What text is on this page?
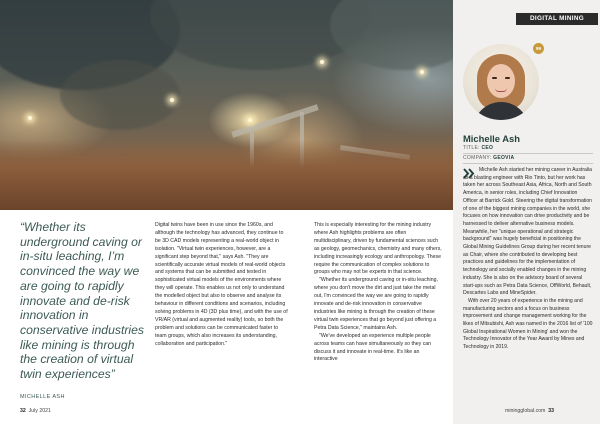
“Whether its underground caving or in-situ leaching, I’m convinced the way we are going to rapidly innovate and de-risk innovation in conservative industries like mining is through the creation of virtual twin experiences”
MICHELLE ASH

Digital twins have been in use since the 1960s, and although the technology has advanced, they continue to be 3D CAD models representing a real-world object in isolation. "Virtual twin experiences, however, are a significant step beyond that," says Ash. "They are scientifically accurate virtual models of real-world objects and systems that can be submitted and tested in sophisticated virtual models of the environments where they will operate. This enables us not only to understand the modelled object but also to observe and analyse its behaviour in different conditions and scenarios, including solving problems in 4D (3D plus time), and with the use of VR/AR (virtual and augmented reality) tools, so both the problem and solutions can be communicated faster to team groups, which also increases its understanding, collaboration and participation."

This is especially interesting for the mining industry where Ash highlights problems are often multidisciplinary, driven by fundamental sciences such as geology, geomechanics, chemistry and many others, including increasingly ecology and anthropology. These require the communication of complex solutions to groups who may not be experts in that science.

"Whether its underground caving or in-situ leaching, where you don't move the dirt and just take the metal out, I'm convinced the way we are going to rapidly innovate and de-risk innovation in conservative industries like mining is through the creation of these virtual twin experiences that go beyond just offering a Petra Data Science," maintains Ash.

"We've developed an experience multiple people across teams can have simultaneously so they can discuss it and innovate in real-time. It's like an interactive

DIGITAL MINING
99
Michelle Ash
TITLE: CEO
COMPANY: GEOVIA

Michelle Ash started her mining career in Australia as a blasting engineer with Rio Tinto, but her work has taken her across Southeast Asia, Africa, North and South America, in senior roles, including Chief Innovation Officer at Barrick Gold. Steering the digital transformation of one of the biggest mining companies in the world, she focuses on how innovation can drive productivity and be harnessed to deliver alternative business models. Meanwhile, her "unique operational and strategic background" was hugely beneficial in positioning the Global Mining Guidelines Group during her recent tenure as Chair, where she contributed to developing best practices and guidelines for the implementation of technology and socially enabled changes in the mining industry. She is also on the advisory board of several start-ups such as Petra Data Science, OffWorld, Behault, Descartes Labs and MineSpider.

With over 20 years of experience in the mining and manufacturing sectors and a focus on business improvement and change management working for the likes of Mitsubishi, Ash was named in the 2016 list of '100 Global Inspirational Women in Mining' and won the Technology Innovator of the Year Award by Mines and Technology in 2019.

32 July 2021	miningglobal.com 33
